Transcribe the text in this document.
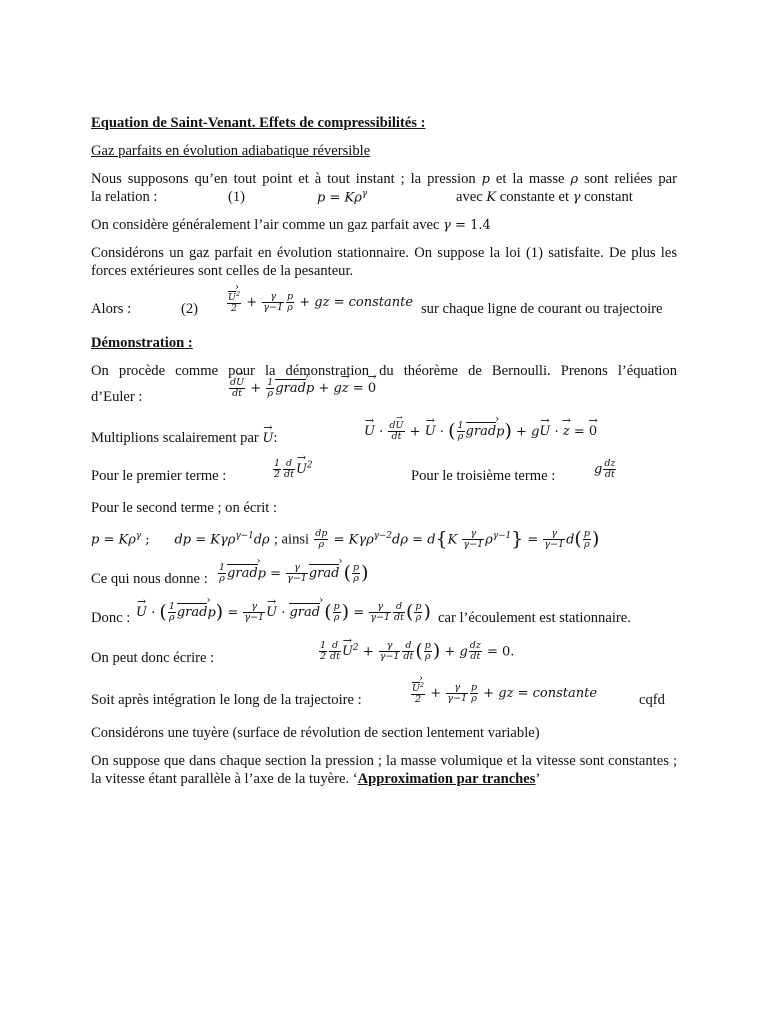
Equation de Saint-Venant. Effets de compressibilités :
Gaz parfaits en évolution adiabatique réversible
Nous supposons qu’en tout point et à tout instant ; la pression p et la masse ρ sont reliées par
la relation :	(1)	$p = K\rho^\gamma$	avec K constante et γ constant
On considère généralement l’air comme un gaz parfait avec γ = 1.4
Considérons un gaz parfait en évolution stationnaire. On suppose la loi (1) satisfaite. De plus les forces extérieures sont celles de la pesanteur.
Alors :	(2)	$\frac{U ›^2}{2} + \frac{\gamma}{\gamma-1} \frac{p}{\rho}$ + gz = constante sur chaque ligne de courant ou trajectoire
Démonstration :
On procède comme pour la démonstration du théorème de Bernoulli. Prenons l’équation
d’Euler :	$\frac{d\to U}{dt} + \frac{1}{\rho}$ grad ›p + g→ z = → 0
Multiplions scalairement par → U:
→	$U \cdot \frac{d\to U}{dt}$ + → U · ( $\frac{1}{\rho}$ grad ›p) + g→ U · → z = → 0
Pour le premier terme :	$\frac{1}{2} \frac{d}{dt}$
→ $U^2$
Pour le troisième terme :	g $\frac{dz}{dt}$
Pour le second terme ; on écrit :
$p = K\rho^\gamma$ ;      dp = Kγρ$^{\gamma-1}$dρ ; ainsi $\frac{dp}{\rho} = K\gamma\rho^{\gamma-2}d\rho = d\{K \frac{\gamma}{\gamma-1} \rho^{\gamma-1}\} = \frac{\gamma}{\gamma-1} d( \frac{p}{\rho}$ )
Ce qui nous donne : $\frac{1}{\rho}$ grad ›p = $\frac{\gamma}{\gamma-1}$ grad › ( $\frac{p}{\rho}$ )
Donc :
→ U · ( $\frac{1}{\rho}$ grad ›p) = $\frac{\gamma}{\gamma-1}$
→ U · grad › ( $\frac{p}{\rho}$ ) = $\frac{\gamma}{\gamma-1} \frac{d}{dt}$ ( $\frac{p}{\rho}$ ) car l’écoulement est stationnaire.
On peut donc écrire :	$\frac{1}{2} \frac{d}{dt}$
→ $U^2 + \frac{\gamma}{\gamma-1} \frac{d}{dt}$ ( $\frac{p}{\rho}$ ) + g $\frac{dz}{dt} = 0$.
Soit après intégration le long de la trajectoire :	$\frac{U ›^2}{2} + \frac{\gamma}{\gamma-1} \frac{p}{\rho}$ + gz = constante	cqfd
Considérons une tuyère (surface de révolution de section lentement variable)
On suppose que dans chaque section la pression ; la masse volumique et la vitesse sont constantes ; la vitesse étant parallèle à l’axe de la tuyère. ‘Approximation par tranches’
